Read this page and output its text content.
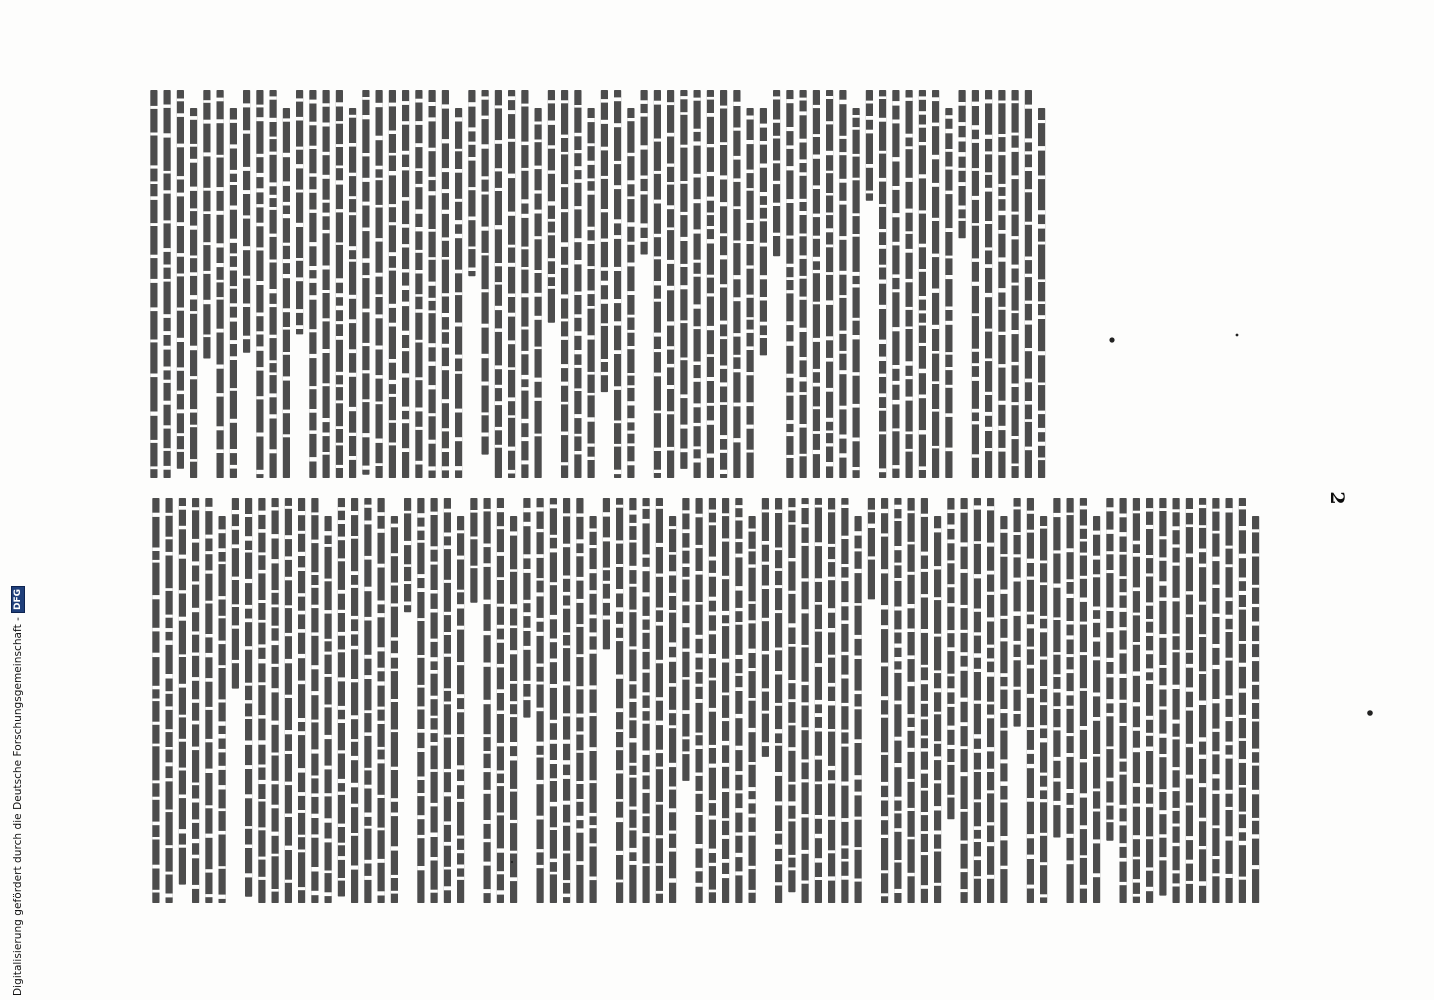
2
Digitalisierung gefördert durch die Deutsche Forschungsgemeinschaft -
DFG
